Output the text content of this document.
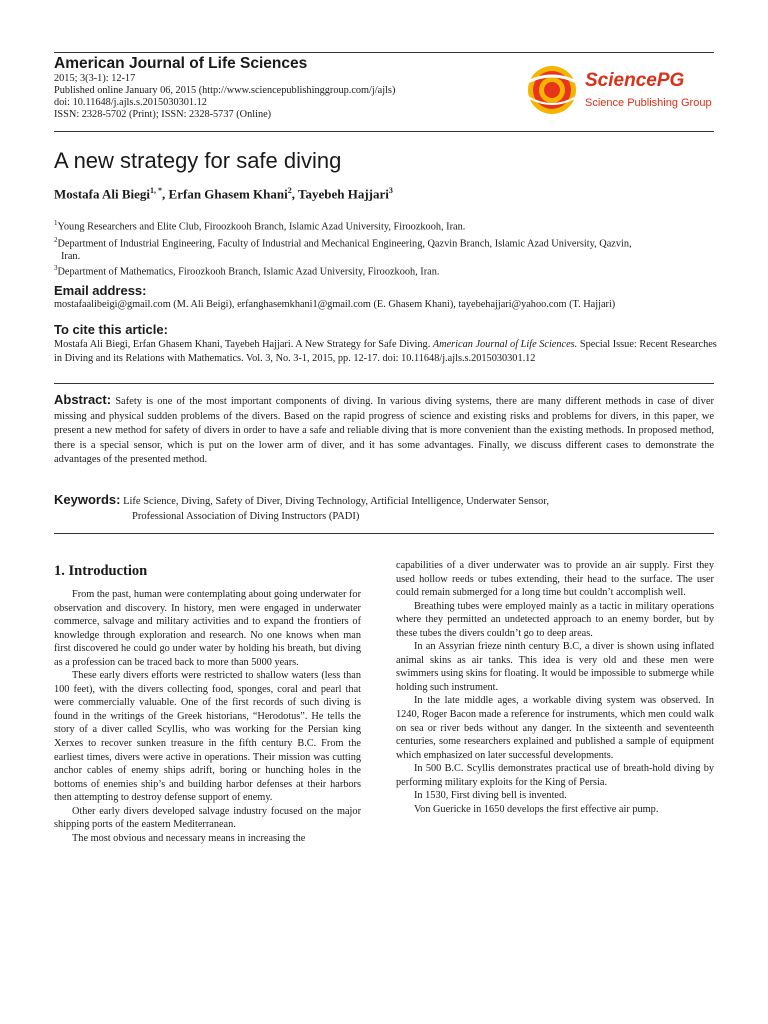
American Journal of Life Sciences
2015; 3(3-1): 12-17
Published online January 06, 2015 (http://www.sciencepublishinggroup.com/j/ajls)
doi: 10.11648/j.ajls.s.2015030301.12
ISSN: 2328-5702 (Print); ISSN: 2328-5737 (Online)
SciencePG
Science Publishing Group
A new strategy for safe diving
Mostafa Ali Biegi$^{1, *}$, Erfan Ghasem Khani$^2$, Tayebeh Hajjari$^3$
$^1$Young Researchers and Elite Club, Firoozkooh Branch, Islamic Azad University, Firoozkooh, Iran.
$^2$Department of Industrial Engineering, Faculty of Industrial and Mechanical Engineering, Qazvin Branch, Islamic Azad University, Qazvin,
Iran.
$^3$Department of Mathematics, Firoozkooh Branch, Islamic Azad University, Firoozkooh, Iran.
Email address:
mostafaalibeigi@gmail.com (M. Ali Beigi), erfanghasemkhani1@gmail.com (E. Ghasem Khani), tayebehajjari@yahoo.com (T. Hajjari)
To cite this article:
Mostafa Ali Biegi, Erfan Ghasem Khani, Tayebeh Hajjari. A New Strategy for Safe Diving. American Journal of Life Sciences. Special Issue: Recent Researches in Diving and its Relations with Mathematics. Vol. 3, No. 3-1, 2015, pp. 12-17. doi: 10.11648/j.ajls.s.2015030301.12
Abstract: Safety is one of the most important components of diving. In various diving systems, there are many different methods in case of diver missing and physical sudden problems of the divers. Based on the rapid progress of science and existing risks and problems for divers, in this paper, we present a new method for safety of divers in order to have a safe and reliable diving that is more convenient than the existing methods. In proposed method, there is a special sensor, which is put on the lower arm of diver, and it has some advantages. Finally, we discuss different cases to demonstrate the advantages of the presented method.
Keywords: Life Science, Diving, Safety of Diver, Diving Technology, Artificial Intelligence, Underwater Sensor,
Professional Association of Diving Instructors (PADI)
1. Introduction

From the past, human were contemplating about going underwater for observation and discovery. In history, men were engaged in underwater commerce, salvage and military activities and to expand the frontiers of knowledge through exploration and research. No one knows when man first discovered he could go under water by holding his breath, but diving as a profession can be traced back to more than 5000 years.

These early divers efforts were restricted to shallow waters (less than 100 feet), with the divers collecting food, sponges, coral and pearl that were commercially valuable. One of the first records of such diving is found in the writings of the Greek historians, “Herodotus”. He tells the story of a diver called Scyllis, who was working for the Persian king Xerxes to recover sunken treasure in the fifth century B.C. From the earliest times, divers were active in operations. Their mission was cutting anchor cables of enemy ships adrift, boring or hunching holes in the bottoms of enemies ship’s and building harbor defenses at their harbors then attempting to destroy defense support of enemy.

Other early divers developed salvage industry focused on the major shipping ports of the eastern Mediterranean.

The most obvious and necessary means in increasing the

capabilities of a diver underwater was to provide an air supply. First they used hollow reeds or tubes extending, their head to the surface. The user could remain submerged for a long time but couldn’t accomplish well.

Breathing tubes were employed mainly as a tactic in military operations where they permitted an undetected approach to an enemy border, but by these tubes the divers couldn’t go to deep areas.

In an Assyrian frieze ninth century B.C, a diver is shown using inflated animal skins as air tanks. This idea is very old and these men were swimmers using skins for floating. It would be impossible to submerge while holding such instrument.

In the late middle ages, a workable diving system was observed. In 1240, Roger Bacon made a reference for instruments, which men could walk on sea or river beds without any danger. In the sixteenth and seventeenth centuries, some researchers explained and published a sample of equipment which emphasized on later successful developments.

In 500 B.C. Scyllis demonstrates practical use of breath-hold diving by performing military exploits for the King of Persia.

In 1530, First diving bell is invented.

Von Guericke in 1650 develops the first effective air pump.
